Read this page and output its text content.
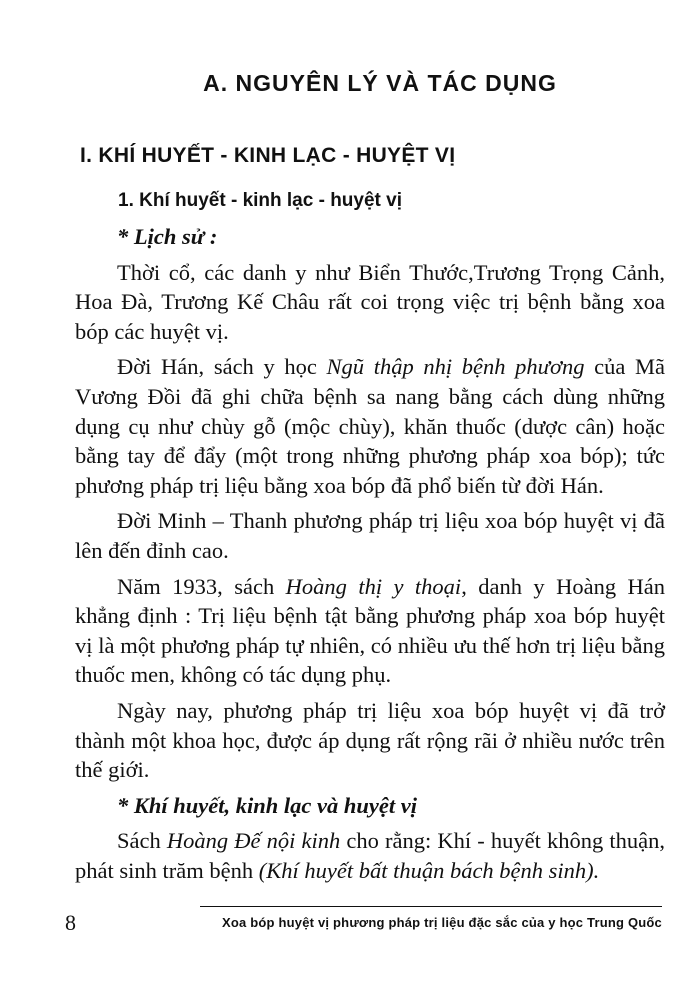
A. NGUYÊN LÝ VÀ TÁC DỤNG
I. KHÍ HUYẾT - KINH LẠC - HUYỆT VỊ
1. Khí huyết - kinh lạc - huyệt vị

* Lịch sử :

Thời cổ, các danh y như Biển Thước,Trương Trọng Cảnh, Hoa Đà, Trương Kế Châu rất coi trọng việc trị bệnh bằng xoa bóp các huyệt vị.

Đời Hán, sách y học Ngũ thập nhị bệnh phương của Mã Vương Đồi đã ghi chữa bệnh sa nang bằng cách dùng những dụng cụ như chùy gỗ (mộc chùy), khăn thuốc (dược cân) hoặc bằng tay để đẩy (một trong những phương pháp xoa bóp); tức phương pháp trị liệu bằng xoa bóp đã phổ biến từ đời Hán.

Đời Minh – Thanh phương pháp trị liệu xoa bóp huyệt vị đã lên đến đỉnh cao.

Năm 1933, sách Hoàng thị y thoại, danh y Hoàng Hán khẳng định : Trị liệu bệnh tật bằng phương pháp xoa bóp huyệt vị là một phương pháp tự nhiên, có nhiều ưu thế hơn trị liệu bằng thuốc men, không có tác dụng phụ.

Ngày nay, phương pháp trị liệu xoa bóp huyệt vị đã trở thành một khoa học, được áp dụng rất rộng rãi ở nhiều nước trên thế giới.

* Khí huyết, kinh lạc và huyệt vị

Sách Hoàng Đế nội kinh cho rằng: Khí - huyết không thuận, phát sinh trăm bệnh (Khí huyết bất thuận bách bệnh sinh).

8	Xoa bóp huyệt vị phương pháp trị liệu đặc sắc của y học Trung Quốc
